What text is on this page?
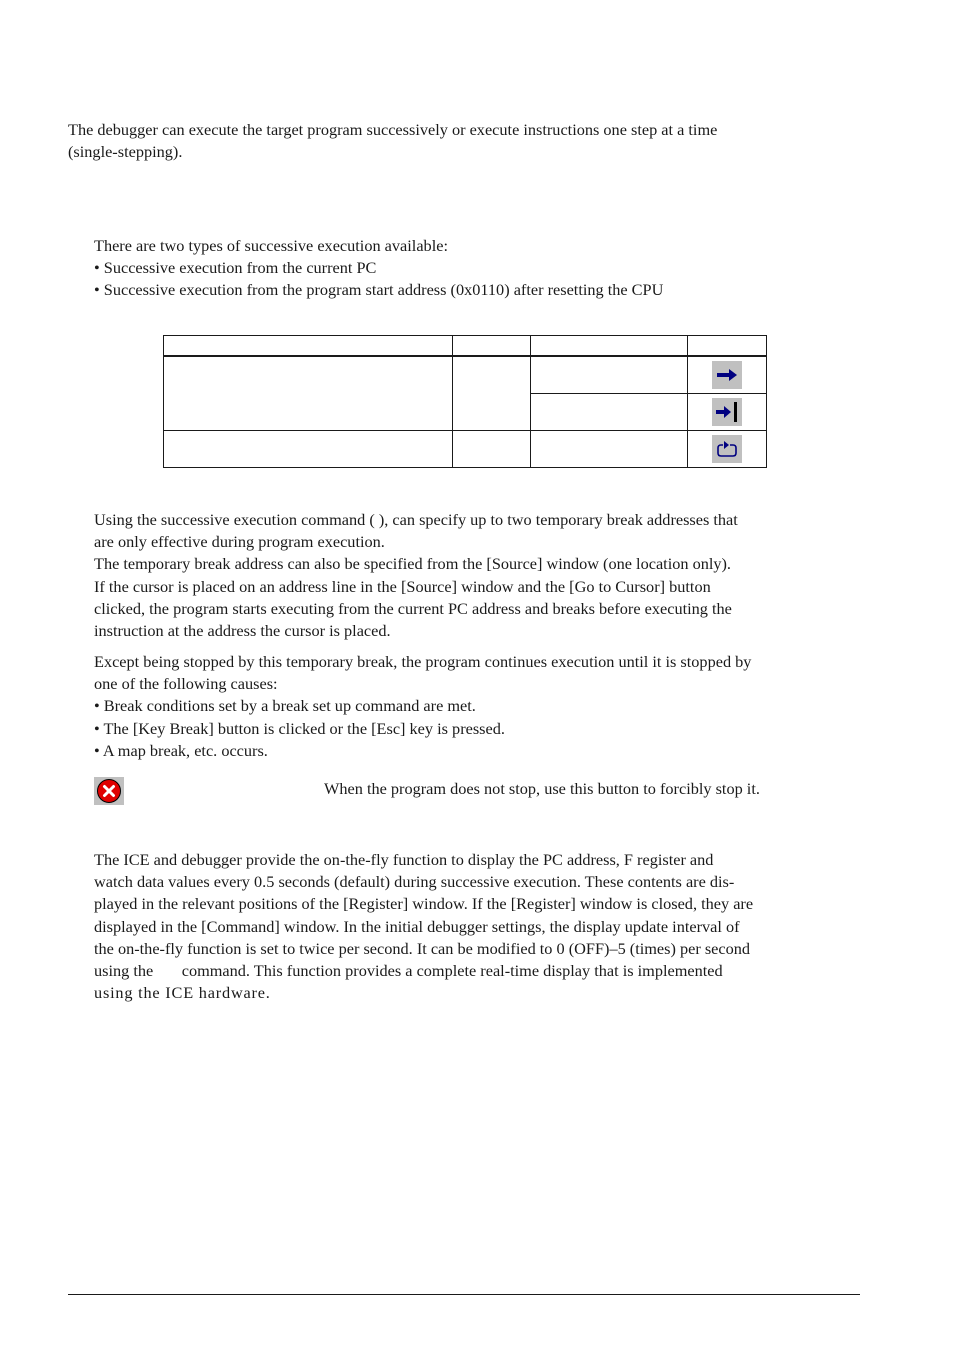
The debugger can execute the target program successively or execute instructions one step at a time
(single-stepping).
There are two types of successive execution available:
• Successive execution from the current PC
• Successive execution from the program start address (0x0110) after resetting the CPU

Using the successive execution command ( ), can specify up to two temporary break addresses that
are only effective during program execution.
The temporary break address can also be specified from the [Source] window (one location only).
If the cursor is placed on an address line in the [Source] window and the [Go to Cursor] button
clicked, the program starts executing from the current PC address and breaks before executing the
instruction at the address the cursor is placed.
Except being stopped by this temporary break, the program continues execution until it is stopped by
one of the following causes:
• Break conditions set by a break set up command are met.
• The [Key Break] button is clicked or the [Esc] key is pressed.
• A map break, etc. occurs.
When the program does not stop, use this button to forcibly stop it.
The ICE and debugger provide the on-the-fly function to display the PC address, F register and
watch data values every 0.5 seconds (default) during successive execution. These contents are dis-
played in the relevant positions of the [Register] window. If the [Register] window is closed, they are
displayed in the [Command] window. In the initial debugger settings, the display update interval of
the on-the-fly function is set to twice per second. It can be modified to 0 (OFF)–5 (times) per second
using the       command. This function provides a complete real-time display that is implemented
using the ICE hardware.
